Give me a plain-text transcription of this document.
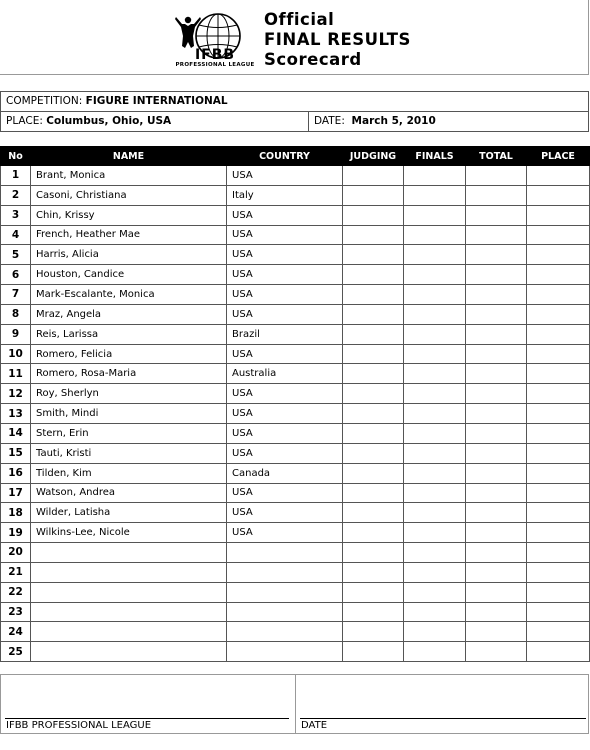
IFBB
PROFESSIONAL LEAGUE
Official
FINAL RESULTS
Scorecard
COMPETITION: FIGURE INTERNATIONAL
PLACE: Columbus, Ohio, USA	DATE: March 5, 2010
No	NAME	COUNTRY	JUDGING	FINALS	TOTAL	PLACE
1	Brant, Monica	USA				
2	Casoni, Christiana	Italy				
3	Chin, Krissy	USA				
4	French, Heather Mae	USA				
5	Harris, Alicia	USA				
6	Houston, Candice	USA				
7	Mark-Escalante, Monica	USA				
8	Mraz, Angela	USA				
9	Reis, Larissa	Brazil				
10	Romero, Felicia	USA				
11	Romero, Rosa-Maria	Australia				
12	Roy, Sherlyn	USA				
13	Smith, Mindi	USA				
14	Stern, Erin	USA				
15	Tauti, Kristi	USA				
16	Tilden, Kim	Canada				
17	Watson, Andrea	USA				
18	Wilder, Latisha	USA				
19	Wilkins-Lee, Nicole	USA				
20						
21						
22						
23						
24						
25						
IFBB PROFESSIONAL LEAGUE	DATE
